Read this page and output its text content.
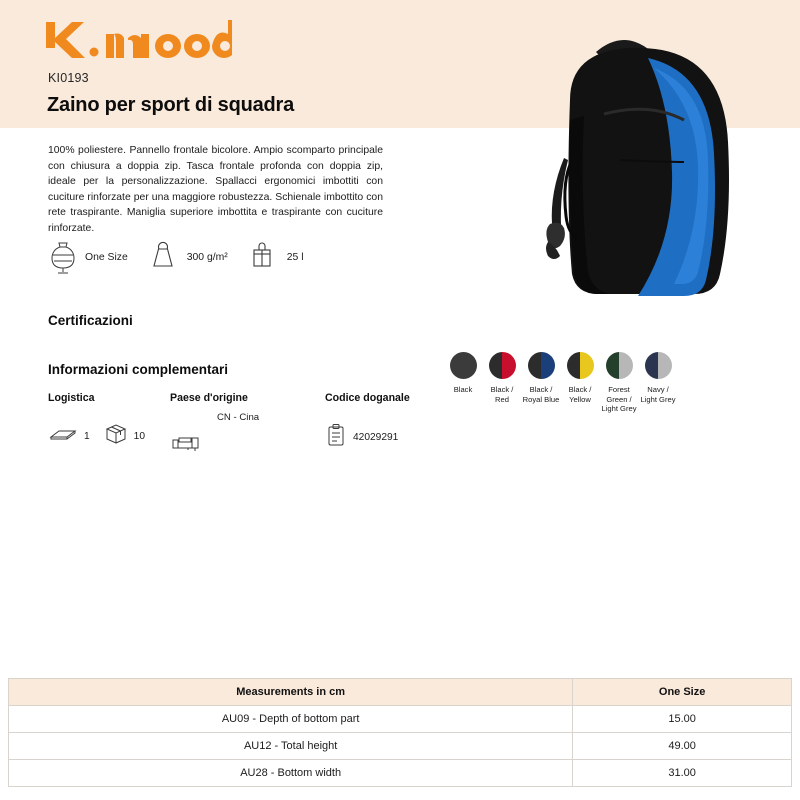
KI0193
Zaino per sport di squadra
100% poliestere. Pannello frontale bicolore. Ampio scomparto principale con chiusura a doppia zip. Tasca frontale profonda con doppia zip, ideale per la personalizzazione. Spallacci ergonomici imbottiti con cuciture rinforzate per una maggiore robustezza. Schienale imbottito con rete traspirante. Maniglia superiore imbottita e traspirante con cuciture rinforzate.
One Size	300 g/m²	25 l
Certificazioni
Informazioni complementari
Logistica
1	10
Paese d'origine
CN - Cina
Codice doganale
42029291
Black	Black / Red
Black / Royal Blue
Black / Yellow
Forest Green / Light Grey
Navy / Light Grey
Measurements in cm	One Size
AU09 - Depth of bottom part	15.00
AU12 - Total height	49.00
AU28 - Bottom width	31.00
